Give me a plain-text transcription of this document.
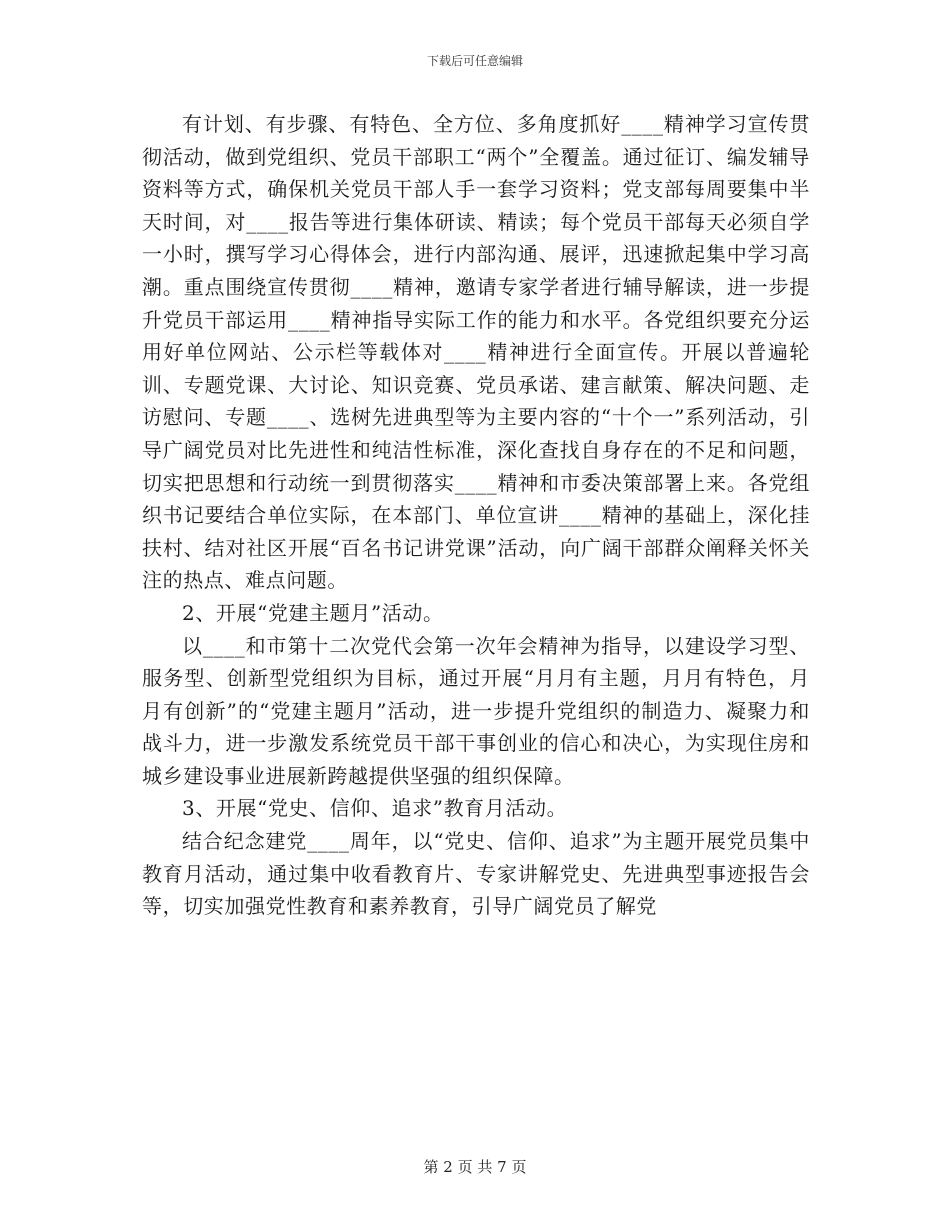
下载后可任意编辑

有计划、有步骤、有特色、全方位、多角度抓好____精神学习宣传贯彻活动，做到党组织、党员干部职工“两个”全覆盖。通过征订、编发辅导资料等方式，确保机关党员干部人手一套学习资料；党支部每周要集中半天时间，对____报告等进行集体研读、精读；每个党员干部每天必须自学一小时，撰写学习心得体会，进行内部沟通、展评，迅速掀起集中学习高潮。重点围绕宣传贯彻____精神，邀请专家学者进行辅导解读，进一步提升党员干部运用____精神指导实际工作的能力和水平。各党组织要充分运用好单位网站、公示栏等载体对____精神进行全面宣传。开展以普遍轮训、专题党课、大讨论、知识竞赛、党员承诺、建言献策、解决问题、走访慰问、专题____、选树先进典型等为主要内容的“十个一”系列活动，引导广阔党员对比先进性和纯洁性标准，深化查找自身存在的不足和问题，切实把思想和行动统一到贯彻落实____精神和市委决策部署上来。各党组织书记要结合单位实际，在本部门、单位宣讲____精神的基础上，深化挂扶村、结对社区开展“百名书记讲党课”活动，向广阔干部群众阐释关怀关注的热点、难点问题。

2、开展“党建主题月”活动。

以____和市第十二次党代会第一次年会精神为指导，以建设学习型、服务型、创新型党组织为目标，通过开展“月月有主题，月月有特色，月月有创新”的“党建主题月”活动，进一步提升党组织的制造力、凝聚力和战斗力，进一步激发系统党员干部干事创业的信心和决心，为实现住房和城乡建设事业进展新跨越提供坚强的组织保障。

3、开展“党史、信仰、追求”教育月活动。

结合纪念建党____周年，以“党史、信仰、追求”为主题开展党员集中教育月活动，通过集中收看教育片、专家讲解党史、先进典型事迹报告会等，切实加强党性教育和素养教育，引导广阔党员了解党

第 2 页 共 7 页
